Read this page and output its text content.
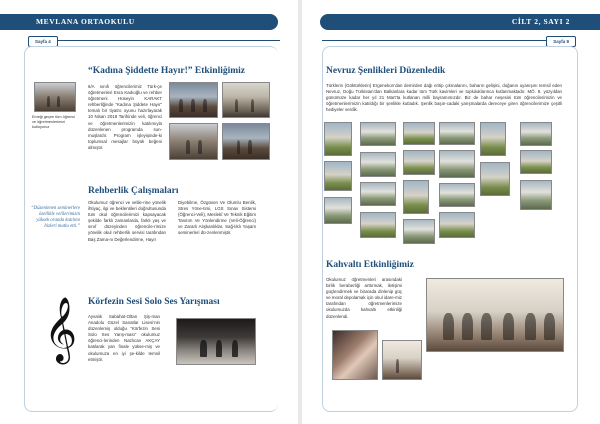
MEVLANA ORTAOKULU
Sayfa 4
“Kadına Şiddette Hayır!” Etkinliğimiz
Emeği geçen tüm öğrenci ve öğretmenlerimizi kutluyoruz
6/A sınıfı öğrencilerimiz Türk-çe öğretmenleri Esra Kadıoğlu ve rehber öğretmeni Hüseyin KARAKT rehberliğinde “Kadına Şiddete Hayır” temalı bir tiyatro oyunu hazırlayarak 10 Nisan 2018 Tarihinde veli, öğrenci ve öğretmenlerimizin katılımıyla düzenlenen programda sun-muşlardır. Program işleyişinde-ki toplumsal mesajlar büyük beğeni almıştır.
Rehberlik Çalışmaları
“Düzenlenen seminerlere özellikle velilerimizin yüksek oranda katılımı bizleri mutlu etti.”
Okulumuz öğrenci ve velile-rine yönelik ihtiyaç, ilgi ve beklentileri doğrultusunda tüm okul öğrencilerimizi kapsayacak şekilde farklı zamanlarda, farklı yaş ve sınıf düzeyinden öğrencile-rimize yönelik okul rehberlik servisi tarafından Baş Zama-nı Değerlendirme, Hayır
Diyebilme, Özgüven Ve Olumlu Benlik, Stres Yöne-timi, LGS Sınav Sistemi (Öğrenci-Veli), Meslekî Ve Teknik Eğitim Tanıtım Ve Yönlendirme (Veli-Öğrenci) ve Zararlı Alışkanlıklar, Sağ-lıklı Yaşam seminerleri dü-zenlenmiştir.
Körfezin Sesi Solo Ses Yarışması
𝄞 Ayvalık Sabahat-Oltan Şiş-man Anadolu Güzel Sanatlar Lisesi’nin düzenlemiş olduğu “Körfezin Sesi Solo Ses Yarış-ması” okulumuz öğrenci-lerinden Nazlıcan AKÇAY katılarak yarı finale yükse-miş ve okulumuza en iyi şe-kilde temsil etmiştir.
CİLT 2, SAYI 2
Sayfa 9
Nevruz Şenlikleri Düzenledik
Türklerin (Göktürklerin) Ergenekon’dan demirden dağı eritip çıkmalarını, baharın gelişini, doğanın uyanışını temsil eden Nevruz, Doğu Türkistan’dan Balkanlara kadar tüm Türk kavimleri ve topluluklarınca kutlanmaktadır. MÖ. 8. yüzyıldan günümüze kadar her yıl 21 Mart’ta kutlanan milli bayramımızdır. Biz de bahar neşesini tüm öğrencilerimizin ve öğretmenlerimizin katıldığı bir şenlikle kutladık. Şenlik başın-cadaki yarışmalarda dereceye giren öğrencilerimize çeşitli hediyeler verdik.
Kahvaltı Etkinliğimiz
Okulumuz öğretmenleri arasındaki birlik beraberliği arttırmak, iletişimi güçlendirmek ve birarada dinlenip güç ve moral depolamak için okul idare-miz tarafından öğretmenlerimize okulumuzda kahvaltı etkinliği düzenlendi.
